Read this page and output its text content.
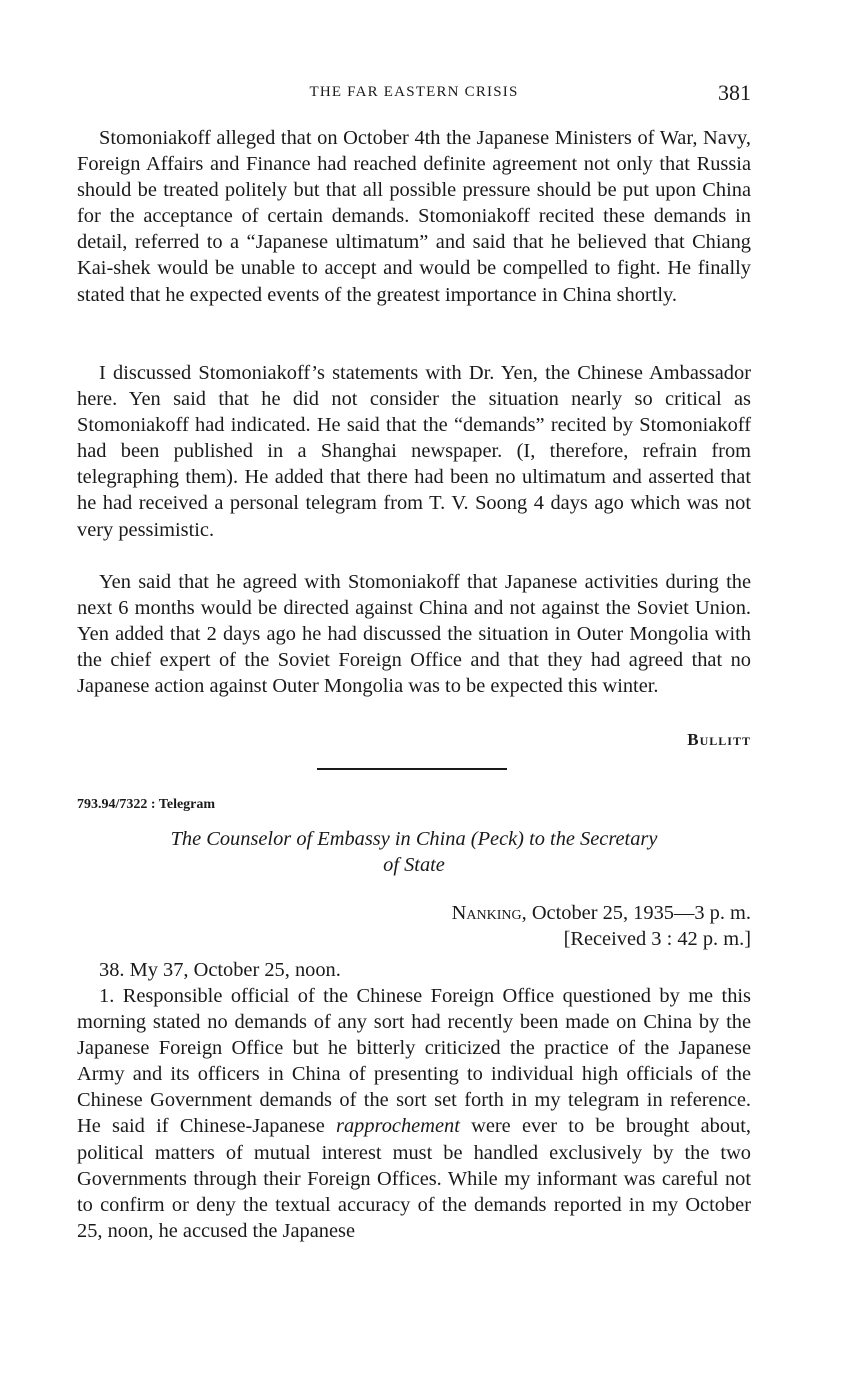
THE FAR EASTERN CRISIS	381

Stomoniakoff alleged that on October 4th the Japanese Ministers of War, Navy, Foreign Affairs and Finance had reached definite agreement not only that Russia should be treated politely but that all possible pressure should be put upon China for the acceptance of certain demands. Stomoniakoff recited these demands in detail, referred to a “Japanese ultimatum” and said that he believed that Chiang Kai-shek would be unable to accept and would be compelled to fight. He finally stated that he expected events of the greatest importance in China shortly.

I discussed Stomoniakoff’s statements with Dr. Yen, the Chinese Ambassador here. Yen said that he did not consider the situation nearly so critical as Stomoniakoff had indicated. He said that the “demands” recited by Stomoniakoff had been published in a Shanghai newspaper. (I, therefore, refrain from telegraphing them). He added that there had been no ultimatum and asserted that he had received a personal telegram from T. V. Soong 4 days ago which was not very pessimistic.

Yen said that he agreed with Stomoniakoff that Japanese activities during the next 6 months would be directed against China and not against the Soviet Union. Yen added that 2 days ago he had discussed the situation in Outer Mongolia with the chief expert of the Soviet Foreign Office and that they had agreed that no Japanese action against Outer Mongolia was to be expected this winter.

Bullitt
793.94/7322 : Telegram
The Counselor of Embassy in China (Peck) to the Secretary
of State
Nanking, October 25, 1935—3 p. m.
[Received 3 : 42 p. m.]

38. My 37, October 25, noon.

1. Responsible official of the Chinese Foreign Office questioned by me this morning stated no demands of any sort had recently been made on China by the Japanese Foreign Office but he bitterly criticized the practice of the Japanese Army and its officers in China of presenting to individual high officials of the Chinese Government demands of the sort set forth in my telegram in reference. He said if Chinese-Japanese rapprochement were ever to be brought about, political matters of mutual interest must be handled exclusively by the two Governments through their Foreign Offices. While my informant was careful not to confirm or deny the textual accuracy of the demands reported in my October 25, noon, he accused the Japanese
